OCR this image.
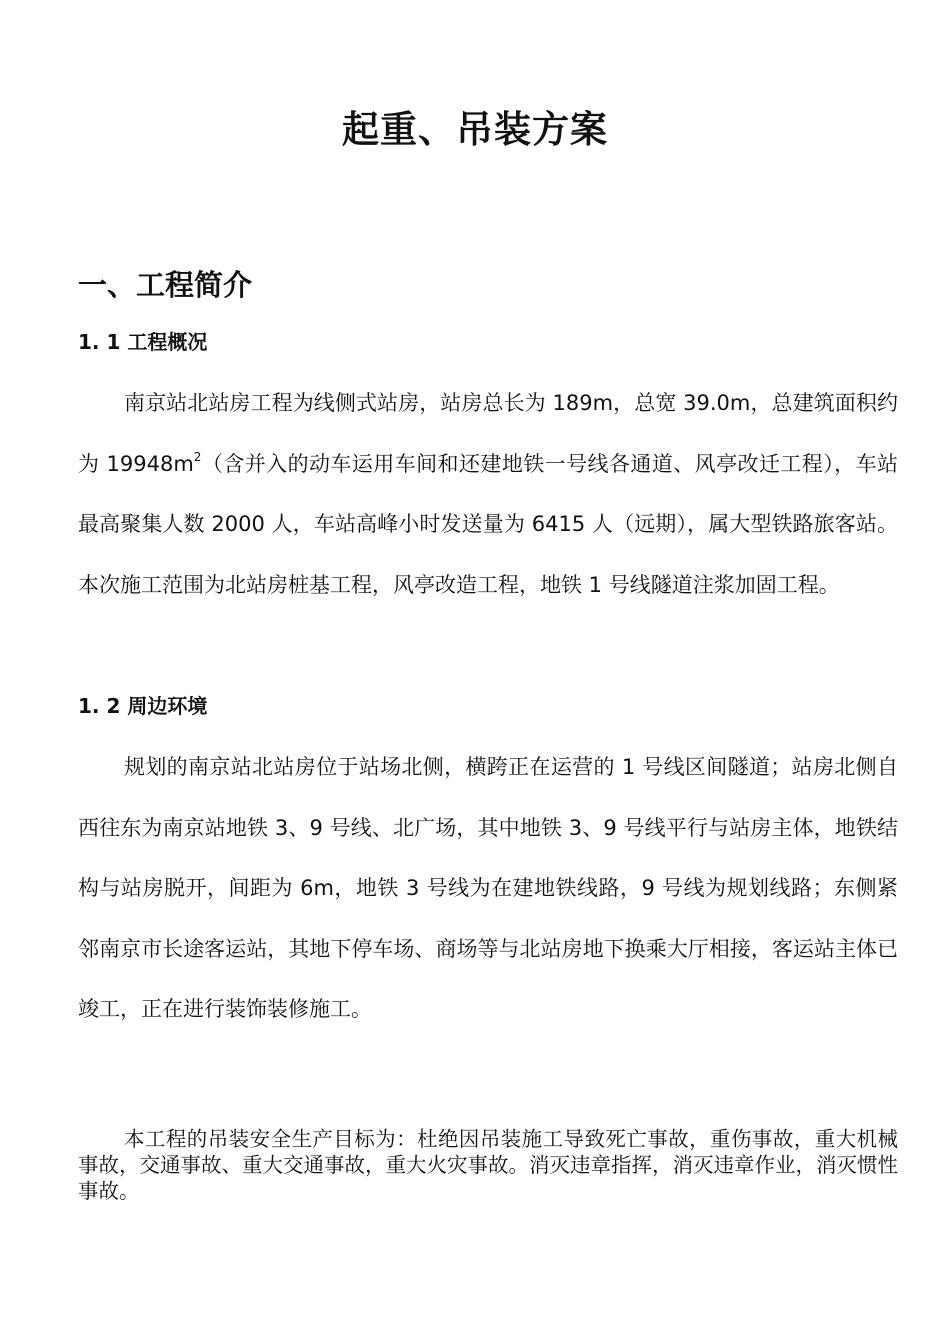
起重、吊装方案
一、工程简介
1. 1 工程概况

南京站北站房工程为线侧式站房，站房总长为 189m，总宽 39.0m，总建筑面积约为 $19948m^2$（含并入的动车运用车间和还建地铁一号线各通道、风亭改迁工程），车站最高聚集人数 2000 人，车站高峰小时发送量为 6415 人（远期），属大型铁路旅客站。本次施工范围为北站房桩基工程，风亭改造工程，地铁 1 号线隧道注浆加固工程。

1. 2 周边环境

规划的南京站北站房位于站场北侧，横跨正在运营的 1 号线区间隧道；站房北侧自西往东为南京站地铁 3、9 号线、北广场，其中地铁 3、9 号线平行与站房主体，地铁结构与站房脱开，间距为 6m，地铁 3 号线为在建地铁线路，9 号线为规划线路；东侧紧邻南京市长途客运站，其地下停车场、商场等与北站房地下换乘大厅相接，客运站主体已竣工，正在进行装饰装修施工。

本工程的吊装安全生产目标为：杜绝因吊装施工导致死亡事故，重伤事故，重大机械事故，交通事故、重大交通事故，重大火灾事故。消灭违章指挥，消灭违章作业，消灭惯性事故。
